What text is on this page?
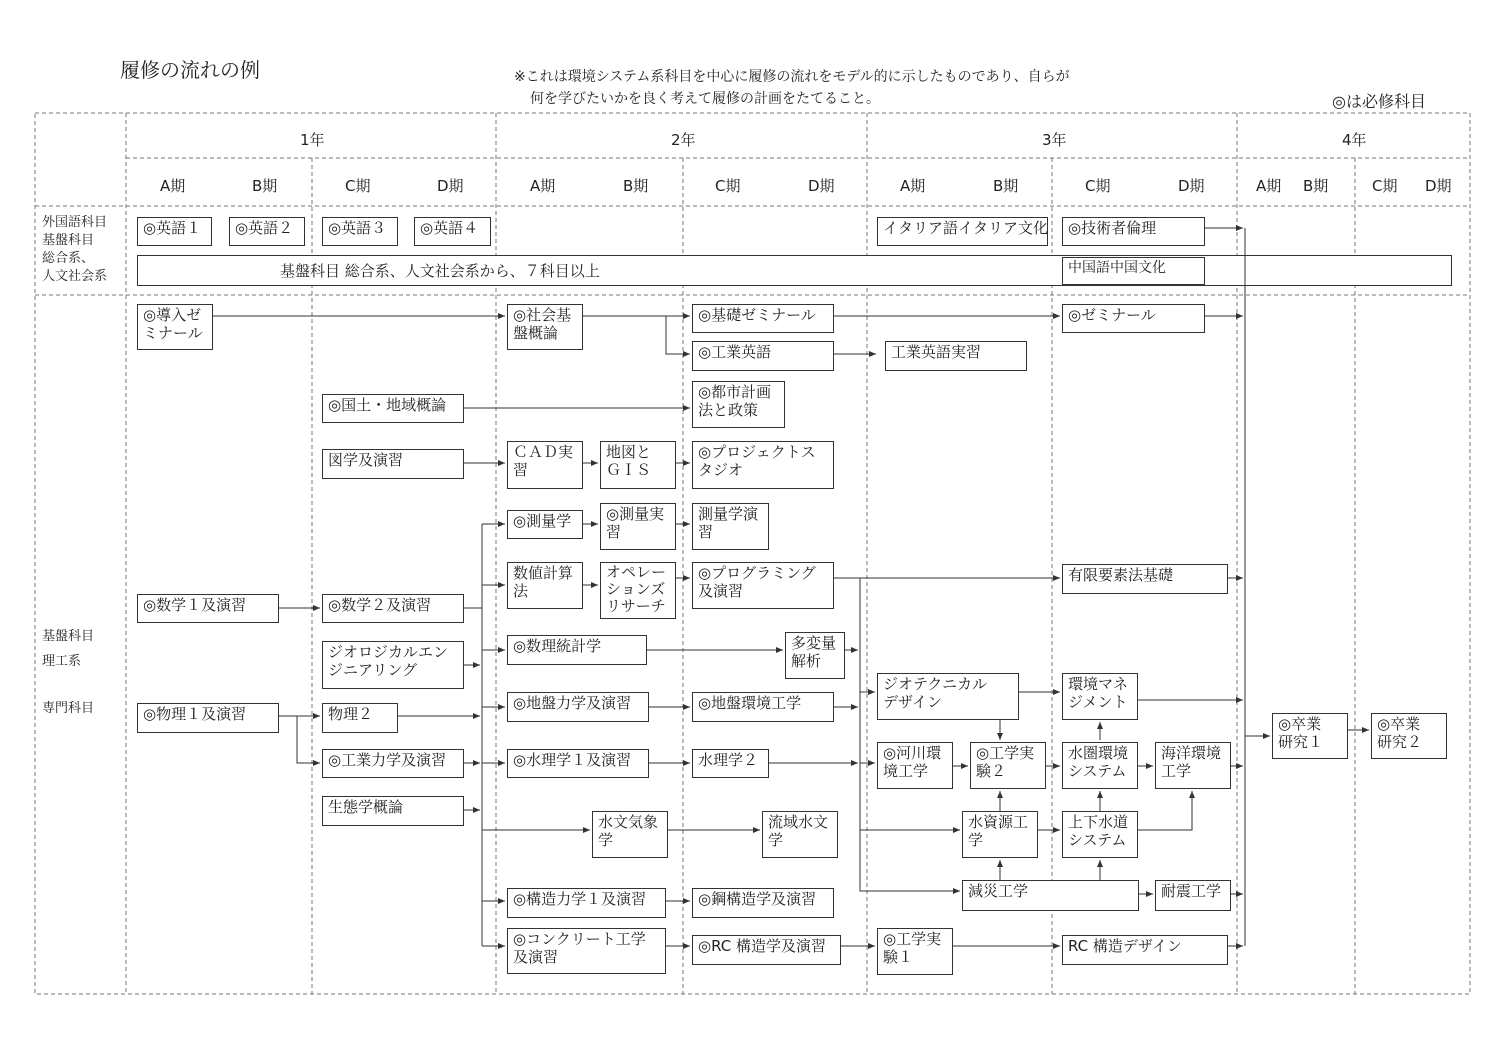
履修の流れの例	※これは環境システム系科目を中心に履修の流れをモデル的に示したものであり、自らが
何を学びたいかを良く考えて履修の計画をたてること。	◎は必修科目
1年	2年	3年	4年
A期	B期	C期	D期	A期	B期	C期	D期	A期	B期	C期	D期	A期 B期	C期 D期
外国語科目
基盤科目
総合系、
人文社会系
基盤科目
理工系
専門科目
基盤科目 総合系、人文社会系から、７科目以上
◎英語１	◎英語２	◎英語３	◎英語４	イタリア語イタリア文化	◎技術者倫理
中国語中国文化
◎導入ゼ
ミナール
◎社会基
盤概論
◎基礎ゼミナール	◎ゼミナール
◎工業英語	工業英語実習
◎国土・地域概論
◎都市計画
法と政策
図学及演習	ＣＡＤ実
習
地図と
ＧＩＳ
◎プロジェクトス
タジオ
◎測量学	◎測量実
習
測量学演
習
数値計算
法
オペレー
ションズ
リサーチ
◎プログラミング
及演習
有限要素法基礎
◎数学１及演習	◎数学２及演習
◎数理統計学	多変量
解析
ジオロジカルエン
ジニアリング
ジオテクニカル
デザイン
環境マネ
ジメント
◎地盤力学及演習	◎地盤環境工学
◎物理１及演習	物理２
◎卒業
研究１
◎卒業
研究２
◎工業力学及演習	◎水理学１及演習	水理学２	◎河川環
境工学
◎工学実
験２
水圏環境
システム
海洋環境
工学
生態学概論
水文気象
学
流域水文
学
水資源工
学
上下水道
システム
減災工学	耐震工学
◎構造力学１及演習	◎鋼構造学及演習
◎コンクリート工学
及演習
◎RC 構造学及演習	◎工学実
験１
RC 構造デザイン
